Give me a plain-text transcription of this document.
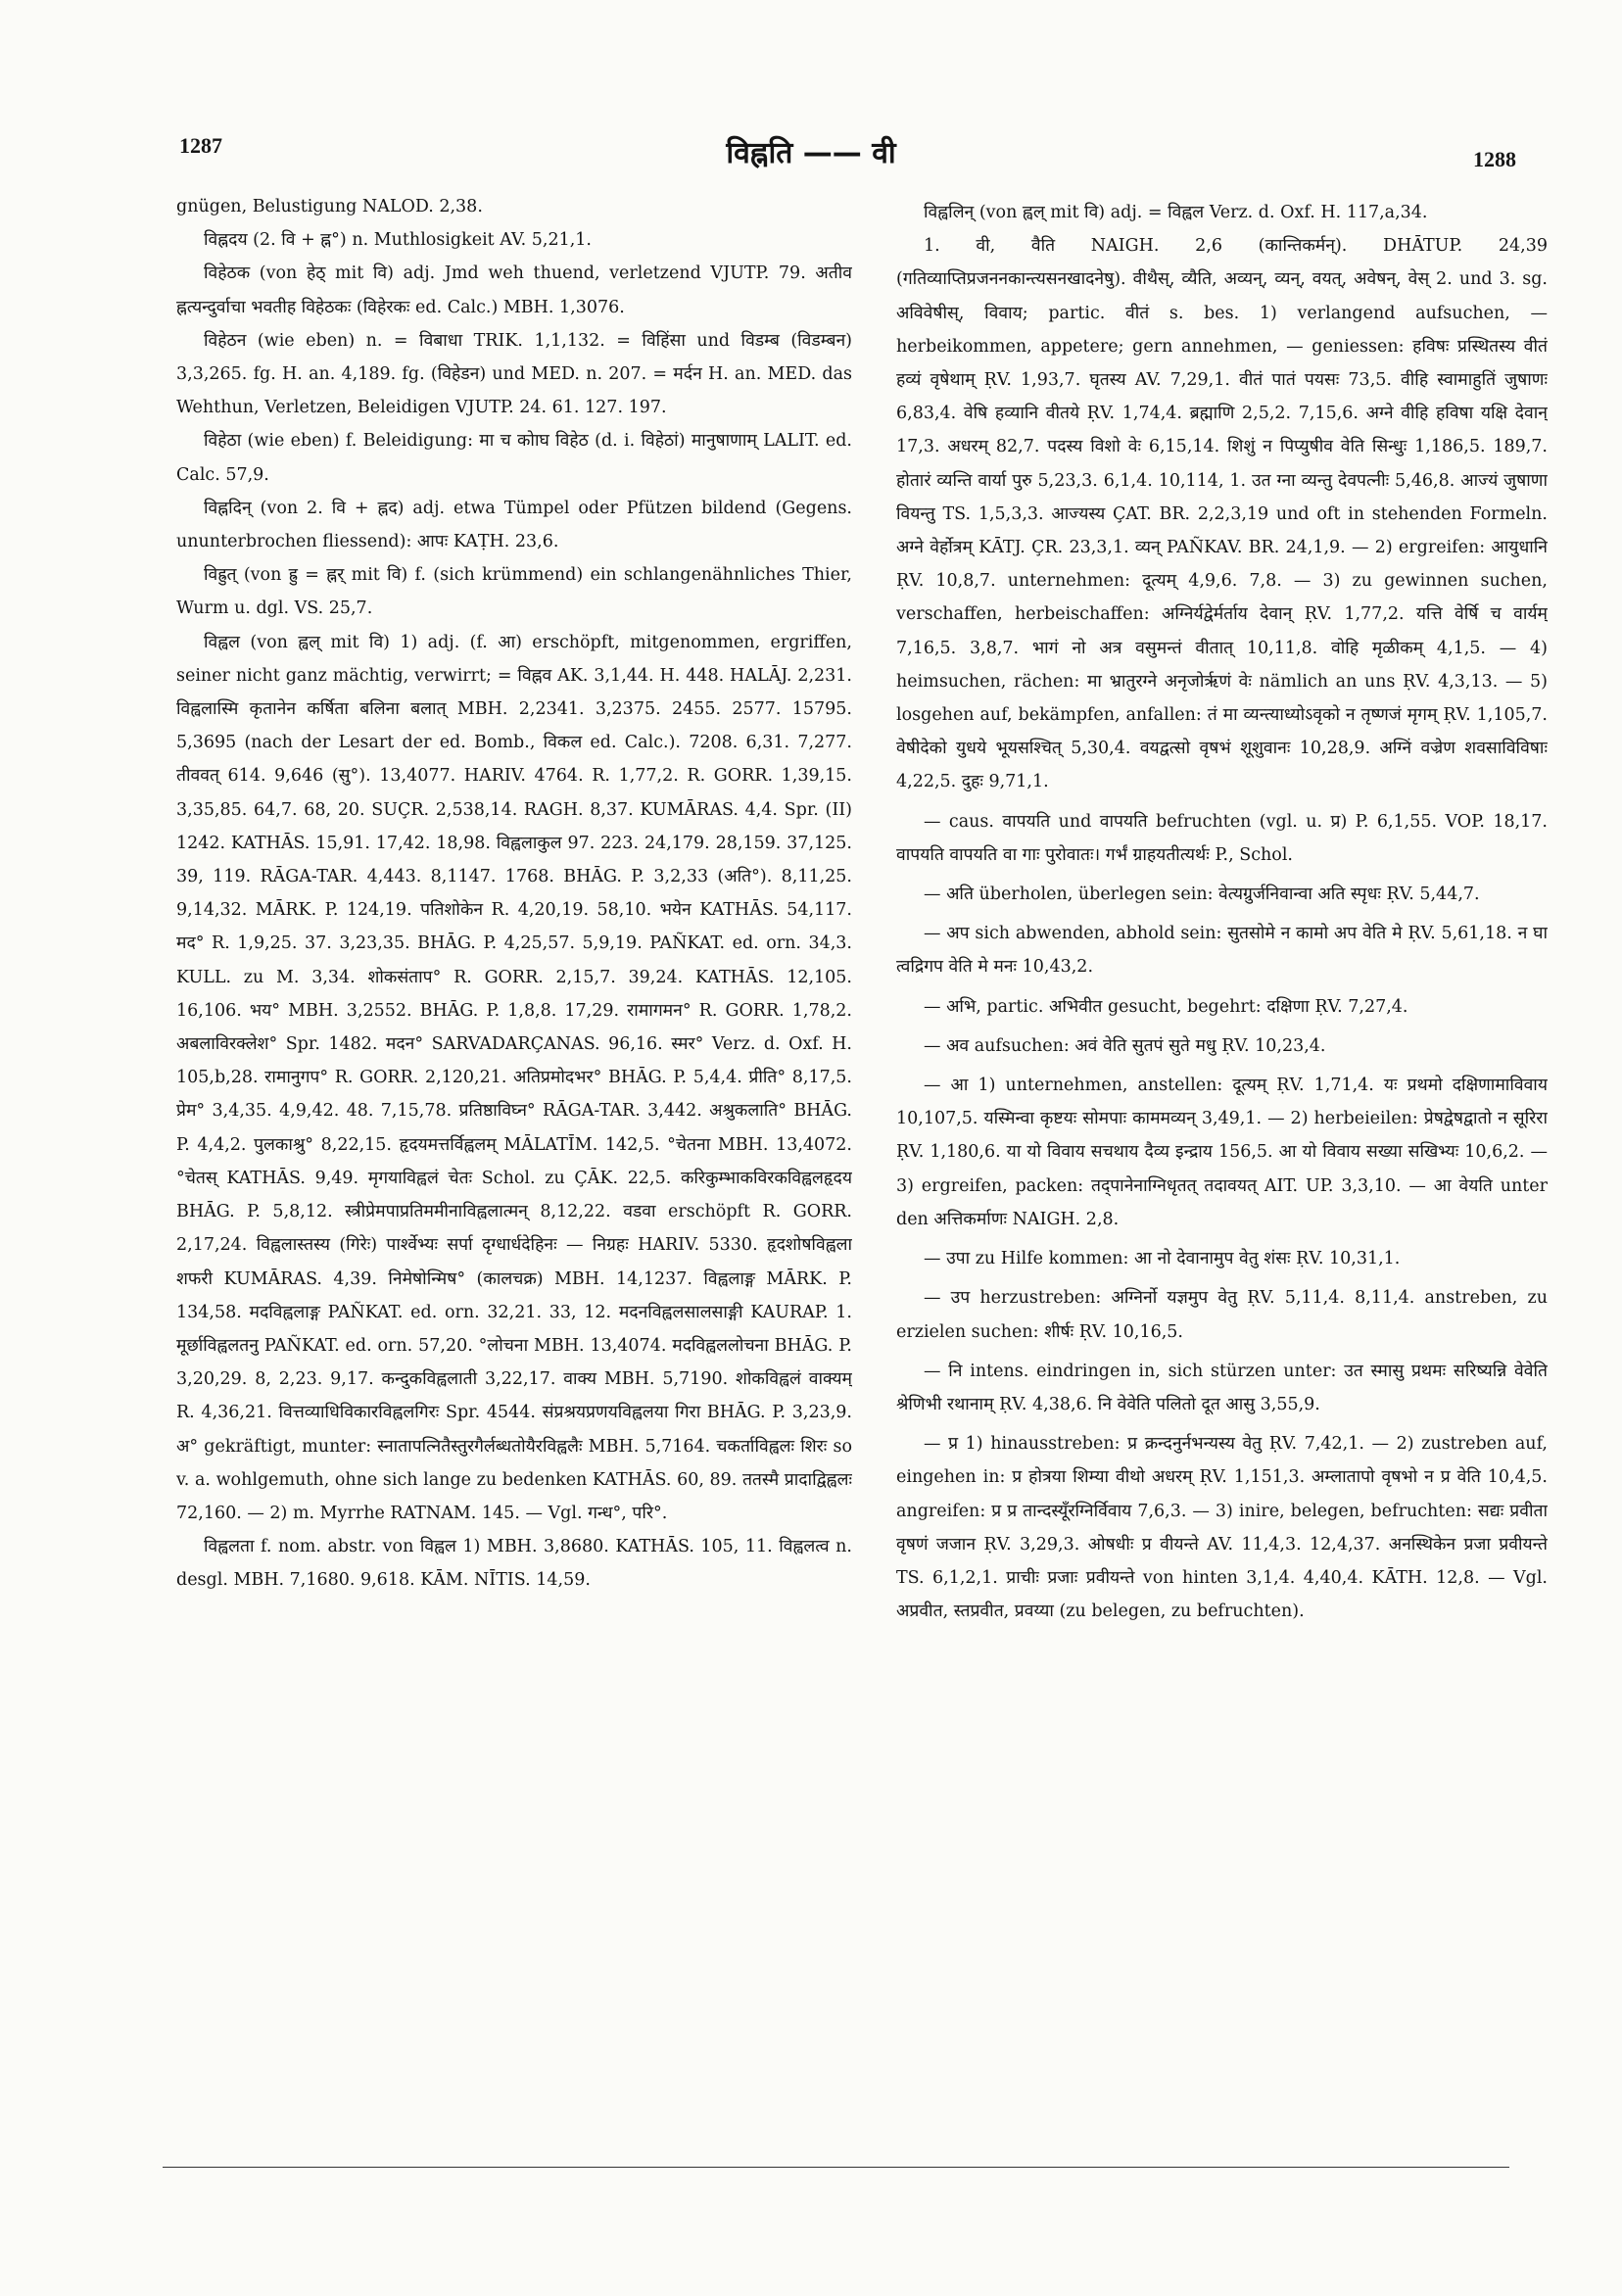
1287	विह्नति —— वी	1288

gnügen, Belustigung NALOD. 2,38.

विह्नदय (2. वि + ह्न°) n. Muthlosigkeit AV. 5,21,1.

विहेठक (von हेठ् mit वि) adj. Jmd weh thuend, verletzend VJUTP. 79. अतीव ह्नत्यन्दुर्वाचा भवतीह विहेठकः (विहेरकः ed. Calc.) MBH. 1,3076.

विहेठन (wie eben) n. = विबाधा TRIK. 1,1,132. = विहिंसा und विडम्ब (विडम्बन) 3,3,265. fg. H. an. 4,189. fg. (विहेडन) und MED. n. 207. = मर्दन H. an. MED. das Wehthun, Verletzen, Beleidigen VJUTP. 24. 61. 127. 197.

विहेठा (wie eben) f. Beleidigung: मा च कोाघ विहेठ (d. i. विहेठां) मानुषाणाम् LALIT. ed. Calc. 57,9.

विह्नदिन् (von 2. वि + ह्नद) adj. etwa Tümpel oder Pfützen bildend (Gegens. ununterbrochen fliessend): आपः KAṬH. 23,6.

विह्रुत् (von ह्रु = ह्नर् mit वि) f. (sich krümmend) ein schlangenähnliches Thier, Wurm u. dgl. VS. 25,7.

विह्वल (von ह्वल् mit वि) 1) adj. (f. आ) erschöpft, mitgenommen, ergriffen, seiner nicht ganz mächtig, verwirrt; = विह्नव AK. 3,1,44. H. 448. HALĀJ. 2,231. विह्वलास्मि कृतानेन कर्षिता बलिना बलात् MBH. 2,2341. 3,2375. 2455. 2577. 15795. 5,3695 (nach der Lesart der ed. Bomb., विकल ed. Calc.). 7208. 6,31. 7,277. तीववत् 614. 9,646 (सु°). 13,4077. HARIV. 4764. R. 1,77,2. R. GORR. 1,39,15. 3,35,85. 64,7. 68, 20. SUÇR. 2,538,14. RAGH. 8,37. KUMĀRAS. 4,4. Spr. (II) 1242. KATHĀS. 15,91. 17,42. 18,98. विह्वलाकुल 97. 223. 24,179. 28,159. 37,125. 39, 119. RĀGA-TAR. 4,443. 8,1147. 1768. BHĀG. P. 3,2,33 (अति°). 8,11,25. 9,14,32. MĀRK. P. 124,19. पतिशोकेन R. 4,20,19. 58,10. भयेन KATHĀS. 54,117. मद° R. 1,9,25. 37. 3,23,35. BHĀG. P. 4,25,57. 5,9,19. PAÑKAT. ed. orn. 34,3. KULL. zu M. 3,34. शोकसंताप° R. GORR. 2,15,7. 39,24. KATHĀS. 12,105. 16,106. भय° MBH. 3,2552. BHĀG. P. 1,8,8. 17,29. रामागमन° R. GORR. 1,78,2. अबलाविरक्लेश° Spr. 1482. मदन° SARVADARÇANAS. 96,16. स्मर° Verz. d. Oxf. H. 105,b,28. रामानुगप° R. GORR. 2,120,21. अतिप्रमोदभर° BHĀG. P. 5,4,4. प्रीति° 8,17,5. प्रेम° 3,4,35. 4,9,42. 48. 7,15,78. प्रतिष्ठाविघ्न° RĀGA-TAR. 3,442. अश्रुकलाति° BHĀG. P. 4,4,2. पुलकाश्रु° 8,22,15. हृदयमत्तर्विह्वलम् MĀLATĪM. 142,5. °चेतना MBH. 13,4072. °चेतस् KATHĀS. 9,49. मृगयाविह्वलं चेतः Schol. zu ÇĀK. 22,5. करिकुम्भाकविरकविह्वलहृदय BHĀG. P. 5,8,12. स्त्रीप्रेमपाप्रतिममीनाविह्वलात्मन् 8,12,22. वडवा erschöpft R. GORR. 2,17,24. विह्वलास्तस्य (गिरेः) पार्श्वेभ्यः सर्पा दृग्धार्धदेहिनः — निग्रहः HARIV. 5330. हृदशोषविह्वला शफरी KUMĀRAS. 4,39. निमेषोन्मिष° (कालचक्र) MBH. 14,1237. विह्वलाङ्ग MĀRK. P. 134,58. मदविह्वलाङ्ग PAÑKAT. ed. orn. 32,21. 33, 12. मदनविह्वलसालसाङ्गी KAURAP. 1. मूर्छाविह्वलतनु PAÑKAT. ed. orn. 57,20. °लोचना MBH. 13,4074. मदविह्वललोचना BHĀG. P. 3,20,29. 8, 2,23. 9,17. कन्दुकविह्वलाती 3,22,17. वाक्य MBH. 5,7190. शोकविह्वलं वाक्यम् R. 4,36,21. वित्तव्याधिविकारविह्वलगिरः Spr. 4544. संप्रश्रयप्रणयविह्वलया गिरा BHĀG. P. 3,23,9. अ° gekräftigt, munter: स्नातापत्नितैस्तुरगैर्लब्धतोयैरविह्वलैः MBH. 5,7164. चकर्ताविह्वलः शिरः so v. a. wohlgemuth, ohne sich lange zu bedenken KATHĀS. 60, 89. ततस्मै प्रादाद्विह्वलः 72,160. — 2) m. Myrrhe RATNAM. 145. — Vgl. गन्ध°, परि°.

विह्वलता f. nom. abstr. von विह्वल 1) MBH. 3,8680. KATHĀS. 105, 11. विह्वलत्व n. desgl. MBH. 7,1680. 9,618. KĀM. NĪTIS. 14,59.

विह्वलिन् (von ह्वल् mit वि) adj. = विह्वल Verz. d. Oxf. H. 117,a,34.

1. वी, वैति NAIGH. 2,6 (कान्तिकर्मन्). DHĀTUP. 24,39 (गतिव्याप्तिप्रजननकान्त्यसनखादनेषु). वीथैस्, व्यैति, अव्यन्, व्यन्, वयत्, अवेषन्, वेस् 2. und 3. sg. अविवेषीस्, विवाय; partic. वीतं s. bes. 1) verlangend aufsuchen, — herbeikommen, appetere; gern annehmen, — geniessen: हविषः प्रस्थितस्य वीतं हव्यं वृषेथाम् ṚV. 1,93,7. घृतस्य AV. 7,29,1. वीतं पातं पयसः 73,5. वीहि स्वामाहुतिं जुषाणः 6,83,4. वेषि हव्यानि वीतये ṚV. 1,74,4. ब्रह्माणि 2,5,2. 7,15,6. अग्ने वीहि हविषा यक्षि देवान् 17,3. अधरम् 82,7. पदस्य विशो वेः 6,15,14. शिशुं न पिप्युषीव वेति सिन्धुः 1,186,5. 189,7. होतारं व्यन्ति वार्या पुरु 5,23,3. 6,1,4. 10,114, 1. उत ग्ना व्यन्तु देवपत्नीः 5,46,8. आज्यं जुषाणा वियन्तु TS. 1,5,3,3. आज्यस्य ÇAT. BR. 2,2,3,19 und oft in stehenden Formeln. अग्ने वेर्होत्रम् KĀTJ. ÇR. 23,3,1. व्यन् PAÑKAV. BR. 24,1,9. — 2) ergreifen: आयुधानि ṚV. 10,8,7. unternehmen: दूत्यम् 4,9,6. 7,8. — 3) zu gewinnen suchen, verschaffen, herbeischaffen: अग्निर्यद्वेर्मर्ताय देवान् ṚV. 1,77,2. यत्ति वेर्षि च वार्यम् 7,16,5. 3,8,7. भागं नो अत्र वसुमन्तं वीतात् 10,11,8. वोहि मृळीकम् 4,1,5. — 4) heimsuchen, rächen: मा भ्रातुरग्ने अनृजोर्ऋणं वेः nämlich an uns ṚV. 4,3,13. — 5) losgehen auf, bekämpfen, anfallen: तं मा व्यन्त्याध्योऽवृको न तृष्णजं मृगम् ṚV. 1,105,7. वेषीदेको युधये भूयसश्चित् 5,30,4. वयद्वत्सो वृषभं शूशुवानः 10,28,9. अग्निं वज्रेण शवसाविविषाः 4,22,5. दुहः 9,71,1.

— caus. वापयति und वापयति befruchten (vgl. u. प्र) P. 6,1,55. VOP. 18,17. वापयति वापयति वा गाः पुरोवातः। गर्भं ग्राहयतीत्यर्थः P., Schol.

— अति überholen, überlegen sein: वेत्यग्रुर्जनिवान्वा अति स्पृधः ṚV. 5,44,7.

— अप sich abwenden, abhold sein: सुतसोमे न कामो अप वेति मे ṚV. 5,61,18. न घा त्वद्रिगप वेति मे मनः 10,43,2.

— अभि, partic. अभिवीत gesucht, begehrt: दक्षिणा ṚV. 7,27,4.

— अव aufsuchen: अवं वेति सुतपं सुते मधु ṚV. 10,23,4.

— आ 1) unternehmen, anstellen: दूत्यम् ṚV. 1,71,4. यः प्रथमो दक्षिणामाविवाय 10,107,5. यस्मिन्वा कृष्टयः सोमपाः काममव्यन् 3,49,1. — 2) herbeieilen: प्रेषद्वेषद्वातो न सूरिरा ṚV. 1,180,6. या यो विवाय सचथाय दैव्य इन्द्राय 156,5. आ यो विवाय सख्या सखिभ्यः 10,6,2. — 3) ergreifen, packen: तद्पानेनाग्निधृतत् तदावयत् AIT. UP. 3,3,10. — आ वेयति unter den अत्तिकर्माणः NAIGH. 2,8.

— उपा zu Hilfe kommen: आ नो देवानामुप वेतु शंसः ṚV. 10,31,1.

— उप herzustreben: अग्निर्नो यज्ञमुप वेतु ṚV. 5,11,4. 8,11,4. anstreben, zu erzielen suchen: शीर्षः ṚV. 10,16,5.

— नि intens. eindringen in, sich stürzen unter: उत स्मासु प्रथमः सरिष्यन्नि वेवेति श्रेणिभी रथानाम् ṚV. 4,38,6. नि वेवेति पलितो दूत आसु 3,55,9.

— प्र 1) hinausstreben: प्र क्रन्दनुर्नभन्यस्य वेतु ṚV. 7,42,1. — 2) zustreben auf, eingehen in: प्र होत्रया शिम्या वीथो अधरम् ṚV. 1,151,3. अम्लातापो वृषभो न प्र वेति 10,4,5. angreifen: प्र प्र तान्दस्यूँरग्निर्विवाय 7,6,3. — 3) inire, belegen, befruchten: सद्यः प्रवीता वृषणं जजान ṚV. 3,29,3. ओषधीः प्र वीयन्ते AV. 11,4,3. 12,4,37. अनस्थिकेन प्रजा प्रवीयन्ते TS. 6,1,2,1. प्राचीः प्रजाः प्रवीयन्ते von hinten 3,1,4. 4,40,4. KĀTH. 12,8. — Vgl. अप्रवीत, स्तप्रवीत, प्रवय्या (zu belegen, zu befruchten).
